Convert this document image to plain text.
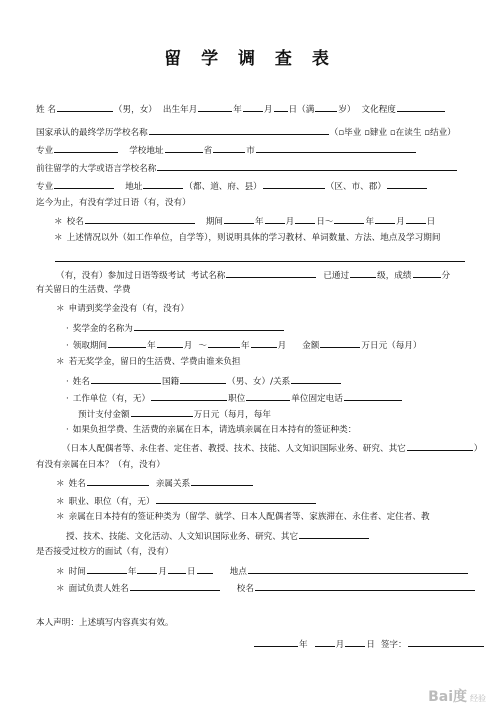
留 学 调 查 表
姓 名	（男，女） 出生年月	年	月 日（满	岁） 文化程度
国家承认的最终学历学校名称	（▫毕业 ▫肄业 ▫在读生 ▫结业）
专业	学校地址	省	市
前往留学的大学或语言学校名称
专业	地址	（都、道、府、县）	（区、市、郡）
迄今为止，有没有学过日语（有，没有）
＊ 校名	期间	年	月	日～	年	月	日
＊ 上述情况以外（如工作单位，自学等），则说明具体的学习教材、单词数量、方法、地点及学习期间
（有，没有）参加过日语等级考试 考试名称	已通过	级，成绩	分
有关留日的生活费、学费
＊ 申请到奖学金没有（有，没有）
· 奖学金的名称为
· 领取期间	年	月 ～	年	月 金额	万日元（每月）
＊ 若无奖学金，留日的生活费、学费由谁来负担
· 姓名	国籍	（男、女）/关系
· 工作单位（有，无）	职位	单位固定电话
预计支付金额	万日元（每月，每年
· 如果负担学费、生活费的亲属在日本，请选填亲属在日本持有的签证种类：
（日本人配偶者等、永住者、定住者、教授、技术、技能、人文知识国际业务、研究、其它	）
有没有亲属在日本？（有，没有）
＊ 姓名	亲属关系
＊ 职业、职位（有，无）
＊ 亲属在日本持有的签证种类为（留学、就学、日本人配偶者等、家族滞在、永住者、定住者、教
授、技术、技能、文化活动、人文知识国际业务、研究、其它
是否接受过校方的面试（有，没有）
＊ 时间	年	月 日	地点
＊ 面试负责人姓名	校名
本人声明：上述填写内容真实有效。
年	月	日 签字：
Bai度 经验
